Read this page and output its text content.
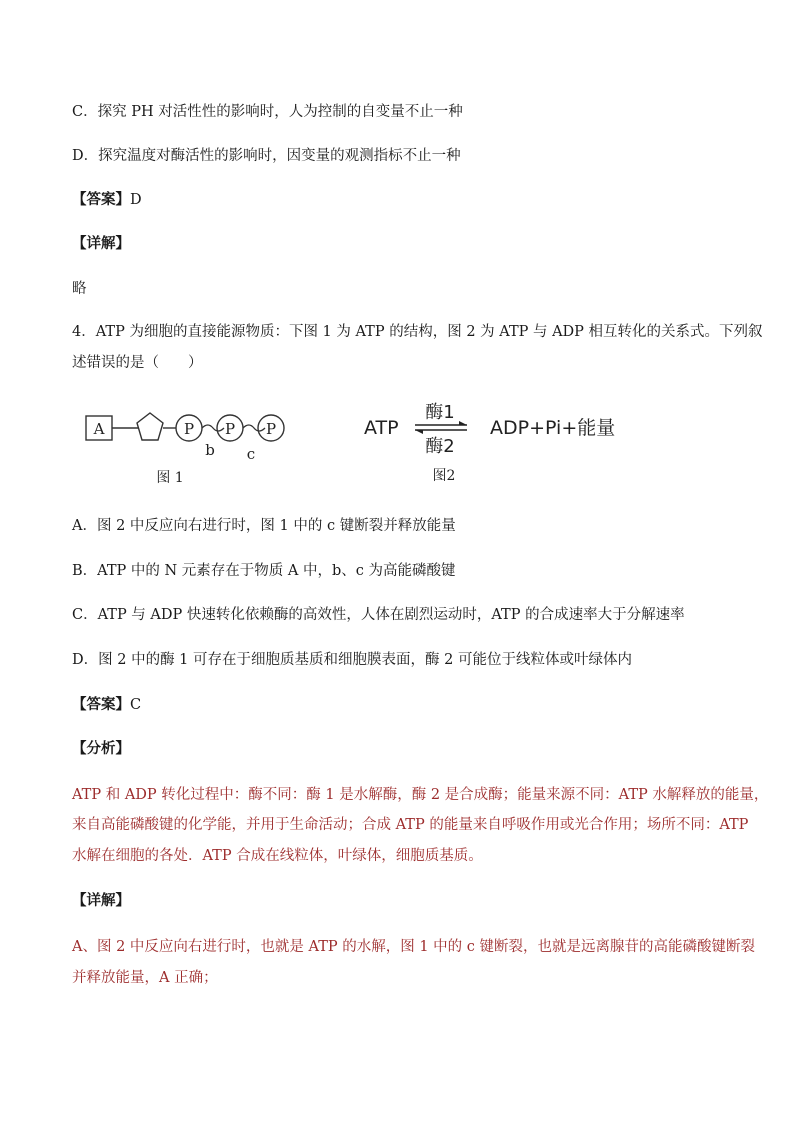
C．探究 PH 对活性性的影响时，人为控制的自变量不止一种
D．探究温度对酶活性的影响时，因变量的观测指标不止一种
【答案】D
【详解】
略
4．ATP 为细胞的直接能源物质：下图 1 为 ATP 的结构，图 2 为 ATP 与 ADP 相互转化的关系式。下列叙
述错误的是（　　）
A	P P P
b c
图 1
ATP
酶1
酶2
ADP+Pi+能量
图2
A．图 2 中反应向右进行时，图 1 中的 c 键断裂并释放能量
B．ATP 中的 N 元素存在于物质 A 中，b、c 为高能磷酸键
C．ATP 与 ADP 快速转化依赖酶的高效性，人体在剧烈运动时，ATP 的合成速率大于分解速率
D．图 2 中的酶 1 可存在于细胞质基质和细胞膜表面，酶 2 可能位于线粒体或叶绿体内
【答案】C
【分析】
ATP 和 ADP 转化过程中：酶不同：酶 1 是水解酶，酶 2 是合成酶；能量来源不同：ATP 水解释放的能量，
来自高能磷酸键的化学能，并用于生命活动；合成 ATP 的能量来自呼吸作用或光合作用；场所不同：ATP
水解在细胞的各处．ATP 合成在线粒体，叶绿体，细胞质基质。
【详解】
A、图 2 中反应向右进行时，也就是 ATP 的水解，图 1 中的 c 键断裂，也就是远离腺苷的高能磷酸键断裂
并释放能量，A 正确；
